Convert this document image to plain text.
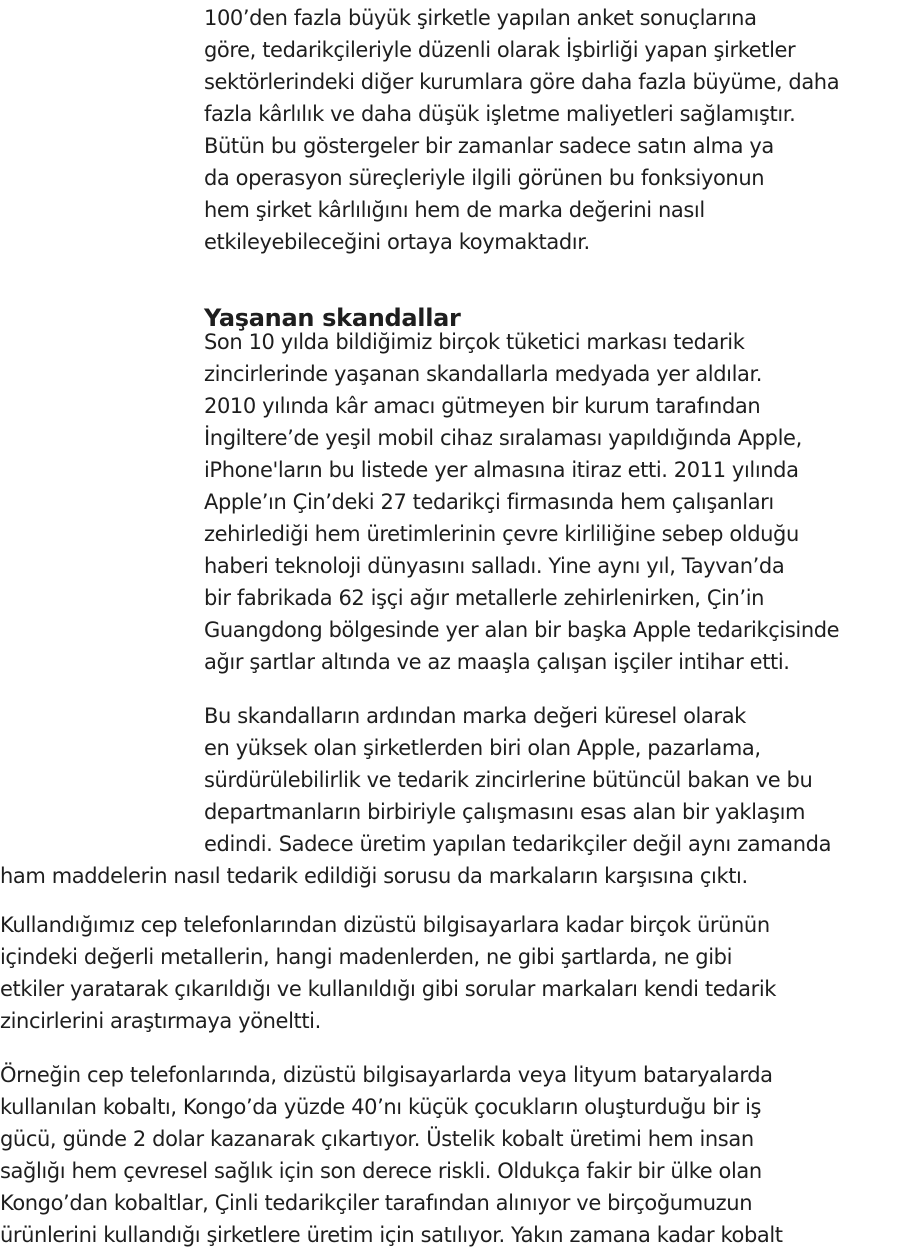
100’den fazla büyük şirketle yapılan anket sonuçlarına
göre, tedarikçileriyle düzenli olarak İşbirliği yapan şirketler
sektörlerindeki diğer kurumlara göre daha fazla büyüme, daha
fazla kârlılık ve daha düşük işletme maliyetleri sağlamıştır.
Bütün bu göstergeler bir zamanlar sadece satın alma ya
da operasyon süreçleriyle ilgili görünen bu fonksiyonun
hem şirket kârlılığını hem de marka değerini nasıl
etkileyebileceğini ortaya koymaktadır.
Yaşanan skandallar
Son 10 yılda bildiğimiz birçok tüketici markası tedarik
zincirlerinde yaşanan skandallarla medyada yer aldılar.
2010 yılında kâr amacı gütmeyen bir kurum tarafından
İngiltere’de yeşil mobil cihaz sıralaması yapıldığında Apple,
iPhone'ların bu listede yer almasına itiraz etti. 2011 yılında
Apple’ın Çin’deki 27 tedarikçi firmasında hem çalışanları
zehirlediği hem üretimlerinin çevre kirliliğine sebep olduğu
haberi teknoloji dünyasını salladı. Yine aynı yıl, Tayvan’da
bir fabrikada 62 işçi ağır metallerle zehirlenirken, Çin’in
Guangdong bölgesinde yer alan bir başka Apple tedarikçisinde
ağır şartlar altında ve az maaşla çalışan işçiler intihar etti.
Bu skandalların ardından marka değeri küresel olarak
en yüksek olan şirketlerden biri olan Apple, pazarlama,
sürdürülebilirlik ve tedarik zincirlerine bütüncül bakan ve bu
departmanların birbiriyle çalışmasını esas alan bir yaklaşım
edindi. Sadece üretim yapılan tedarikçiler değil aynı zamanda
ham maddelerin nasıl tedarik edildiği sorusu da markaların karşısına çıktı.
Kullandığımız cep telefonlarından dizüstü bilgisayarlara kadar birçok ürünün
içindeki değerli metallerin, hangi madenlerden, ne gibi şartlarda, ne gibi
etkiler yaratarak çıkarıldığı ve kullanıldığı gibi sorular markaları kendi tedarik
zincirlerini araştırmaya yöneltti.
Örneğin cep telefonlarında, dizüstü bilgisayarlarda veya lityum bataryalarda
kullanılan kobaltı, Kongo’da yüzde 40’nı küçük çocukların oluşturduğu bir iş
gücü, günde 2 dolar kazanarak çıkartıyor. Üstelik kobalt üretimi hem insan
sağlığı hem çevresel sağlık için son derece riskli. Oldukça fakir bir ülke olan
Kongo’dan kobaltlar, Çinli tedarikçiler tarafından alınıyor ve birçoğumuzun
ürünlerini kullandığı şirketlere üretim için satılıyor. Yakın zamana kadar kobalt
